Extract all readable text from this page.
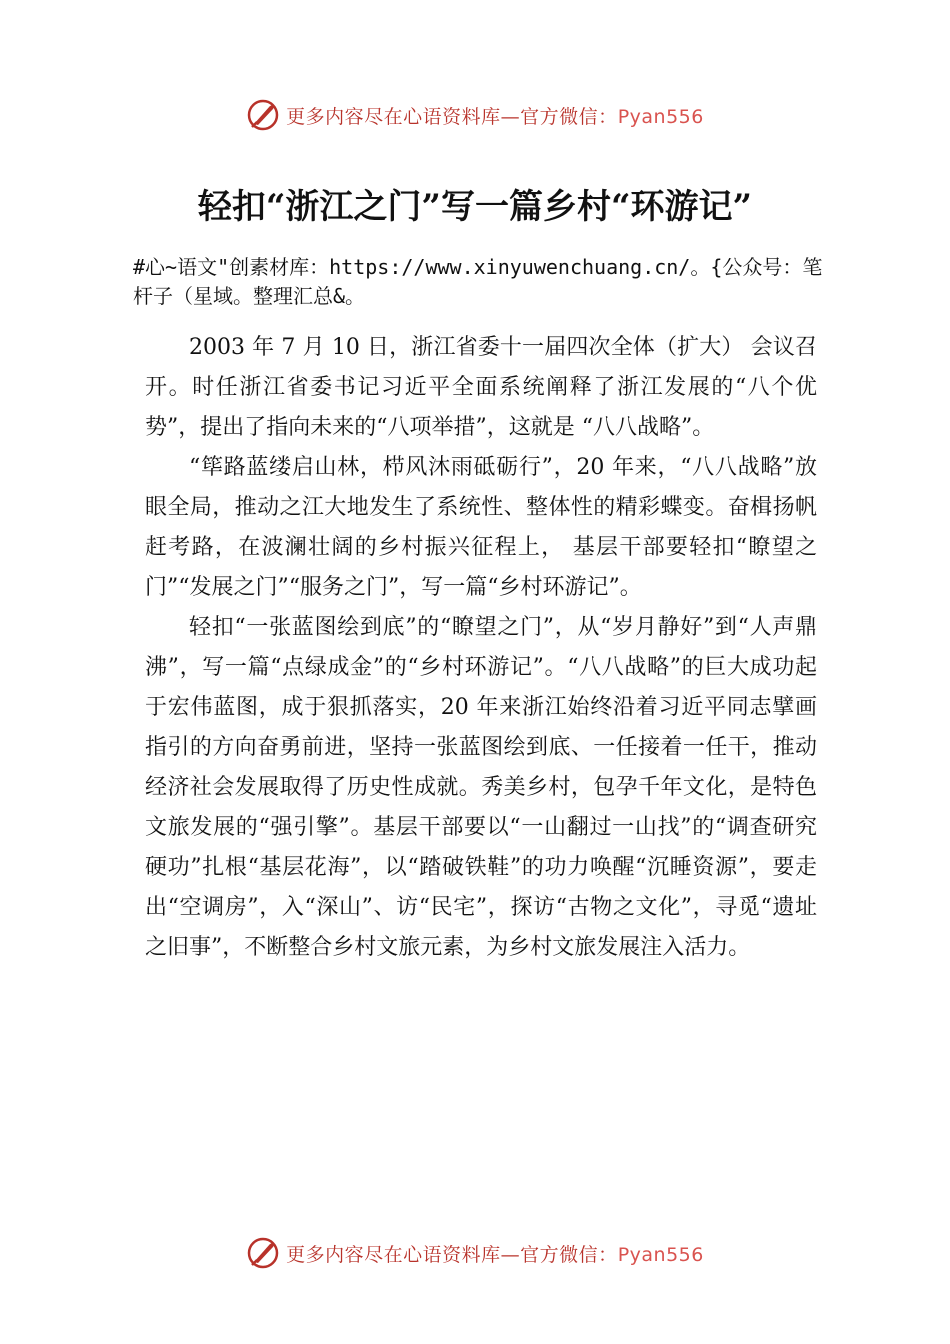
更多内容尽在心语资料库—官方微信：Pyan556
轻扣“浙江之门”写一篇乡村“环游记”
#心~语文"创素材库：https://www.xinyuwenchuang.cn/。{公众号：笔杆子（星域。整理汇总&。

2003 年 7 月 10 日，浙江省委十一届四次全体（扩大） 会议召开。时任浙江省委书记习近平全面系统阐释了浙江发展的“八个优势”，提出了指向未来的“八项举措”，这就是 “八八战略”。

“筚路蓝缕启山林，栉风沐雨砥砺行”，20 年来，“八八战略”放眼全局，推动之江大地发生了系统性、整体性的精彩蝶变。奋楫扬帆赶考路，在波澜壮阔的乡村振兴征程上， 基层干部要轻扣“瞭望之门”“发展之门”“服务之门”，写一篇“乡村环游记”。

轻扣“一张蓝图绘到底”的“瞭望之门”，从“岁月静好”到“人声鼎沸”，写一篇“点绿成金”的“乡村环游记”。“八八战略”的巨大成功起于宏伟蓝图，成于狠抓落实，20 年来浙江始终沿着习近平同志擘画指引的方向奋勇前进，坚持一张蓝图绘到底、一任接着一任干，推动经济社会发展取得了历史性成就。秀美乡村，包孕千年文化，是特色文旅发展的“强引擎”。基层干部要以“一山翻过一山找”的“调查研究硬功”扎根“基层花海”，以“踏破铁鞋”的功力唤醒“沉睡资源”，要走出“空调房”，入“深山”、访“民宅”，探访“古物之文化”，寻觅“遗址之旧事”，不断整合乡村文旅元素，为乡村文旅发展注入活力。

更多内容尽在心语资料库—官方微信：Pyan556
